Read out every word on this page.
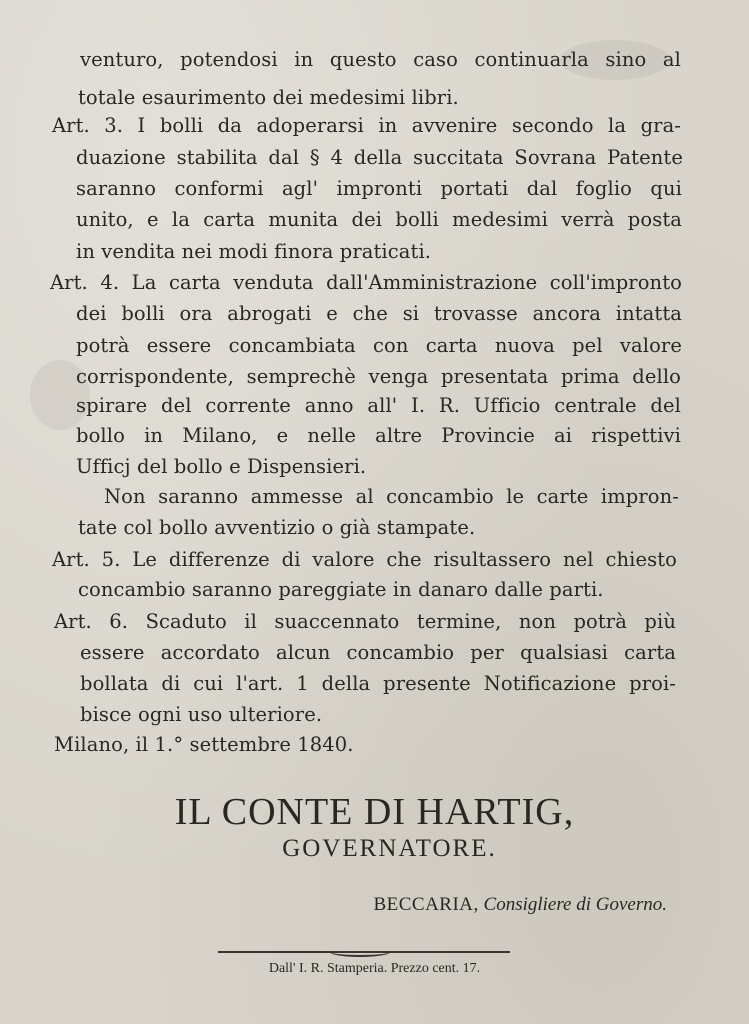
venturo, potendosi in questo caso continuarla sino al
totale esaurimento dei medesimi libri.
Art. 3. I bolli da adoperarsi in avvenire secondo la gra-
duazione stabilita dal § 4 della succitata Sovrana Patente
saranno conformi agl' impronti portati dal foglio qui
unito, e la carta munita dei bolli medesimi verrà posta
in vendita nei modi finora praticati.
Art. 4. La carta venduta dall'Amministrazione coll'impronto
dei bolli ora abrogati e che si trovasse ancora intatta
potrà essere concambiata con carta nuova pel valore
corrispondente, semprechè venga presentata prima dello
spirare del corrente anno all' I. R. Ufficio centrale del
bollo in Milano, e nelle altre Provincie ai rispettivi
Ufficj del bollo e Dispensieri.
Non saranno ammesse al concambio le carte impron-
tate col bollo avventizio o già stampate.
Art. 5. Le differenze di valore che risultassero nel chiesto
concambio saranno pareggiate in danaro dalle parti.
Art. 6. Scaduto il suaccennato termine, non potrà più
essere accordato alcun concambio per qualsiasi carta
bollata di cui l'art. 1 della presente Notificazione proi-
bisce ogni uso ulteriore.
Milano, il 1.° settembre 1840.
IL CONTE DI HARTIG,
GOVERNATORE.
BECCARIA, Consigliere di Governo.
Dall' I. R. Stamperia. Prezzo cent. 17.
